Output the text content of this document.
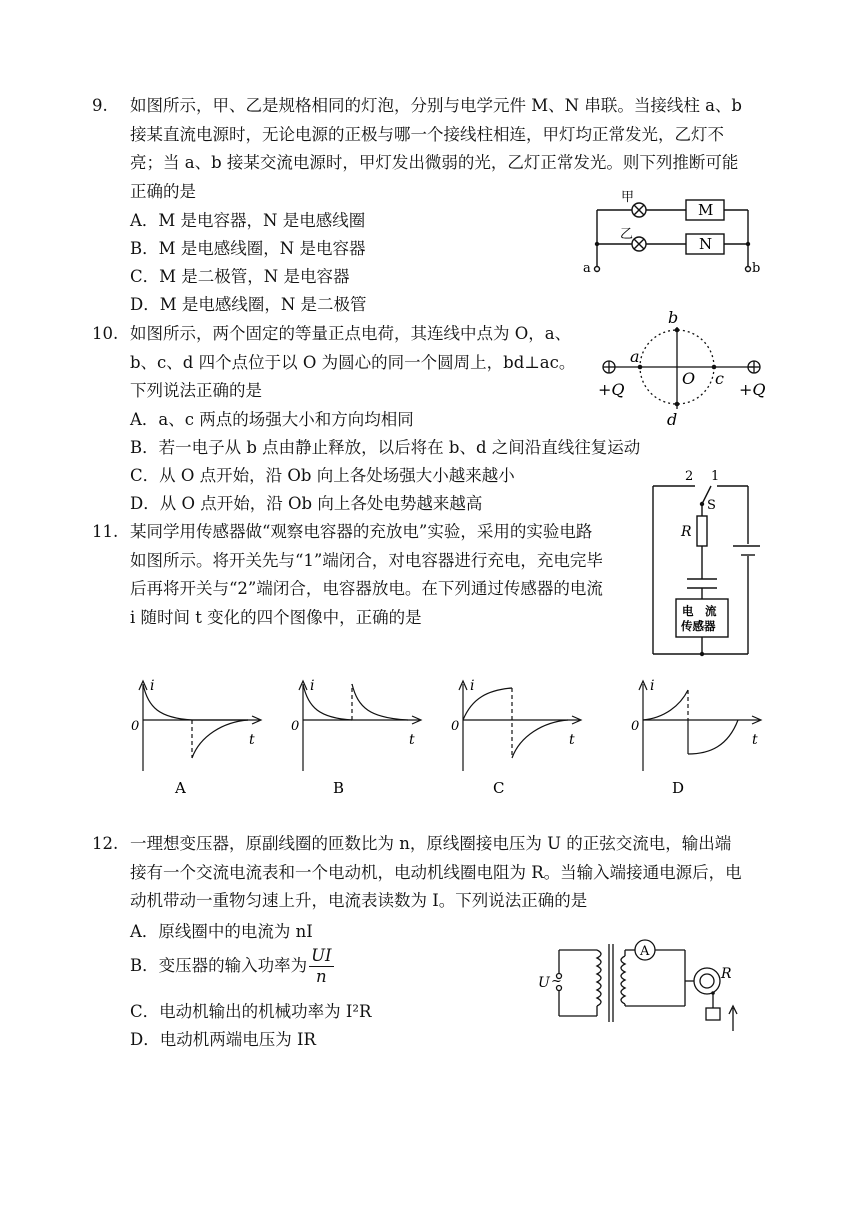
9.	如图所示，甲、乙是规格相同的灯泡，分别与电学元件 M、N 串联。当接线柱 a、b
接某直流电源时，无论电源的正极与哪一个接线柱相连，甲灯均正常发光，乙灯不
亮；当 a、b 接某交流电源时，甲灯发出微弱的光，乙灯正常发光。则下列推断可能
正确的是
A．M 是电容器，N 是电感线圈
B．M 是电感线圈，N 是电容器
C．M 是二极管，N 是电容器
D．M 是电感线圈，N 是二极管
甲
乙
M
N
a	b
10. 如图所示，两个固定的等量正点电荷，其连线中点为 O，a、
b、c、d 四个点位于以 O 为圆心的同一个圆周上，bd⊥ac。
下列说法正确的是
A．a、c 两点的场强大小和方向均相同
B．若一电子从 b 点由静止释放，以后将在 b、d 之间沿直线往复运动
C．从 O 点开始，沿 Ob 向上各处场强大小越来越小
D．从 O 点开始，沿 Ob 向上各处电势越来越高
b
a
O c
d
+Q	+Q
11. 某同学用传感器做“观察电容器的充放电”实验，采用的实验电路
如图所示。将开关先与“1”端闭合，对电容器进行充电，充电完毕
后再将开关与“2”端闭合，电容器放电。在下列通过传感器的电流
i 随时间 t 变化的四个图像中，正确的是
2 1
S
R
电　流
传感器
i
0
t
A
i
0
t
B
i
0
t
C
i
0
t
D
12. 一理想变压器，原副线圈的匝数比为 n，原线圈接电压为 U 的正弦交流电，输出端
接有一个交流电流表和一个电动机，电动机线圈电阻为 R。当输入端接通电源后，电
动机带动一重物匀速上升，电流表读数为 I。下列说法正确的是
A．原线圈中的电流为 nI
B．变压器的输入功率为 $\frac{UI}{n}$
C．电动机输出的机械功率为 I²R
D．电动机两端电压为 IR
U ~
A
R
